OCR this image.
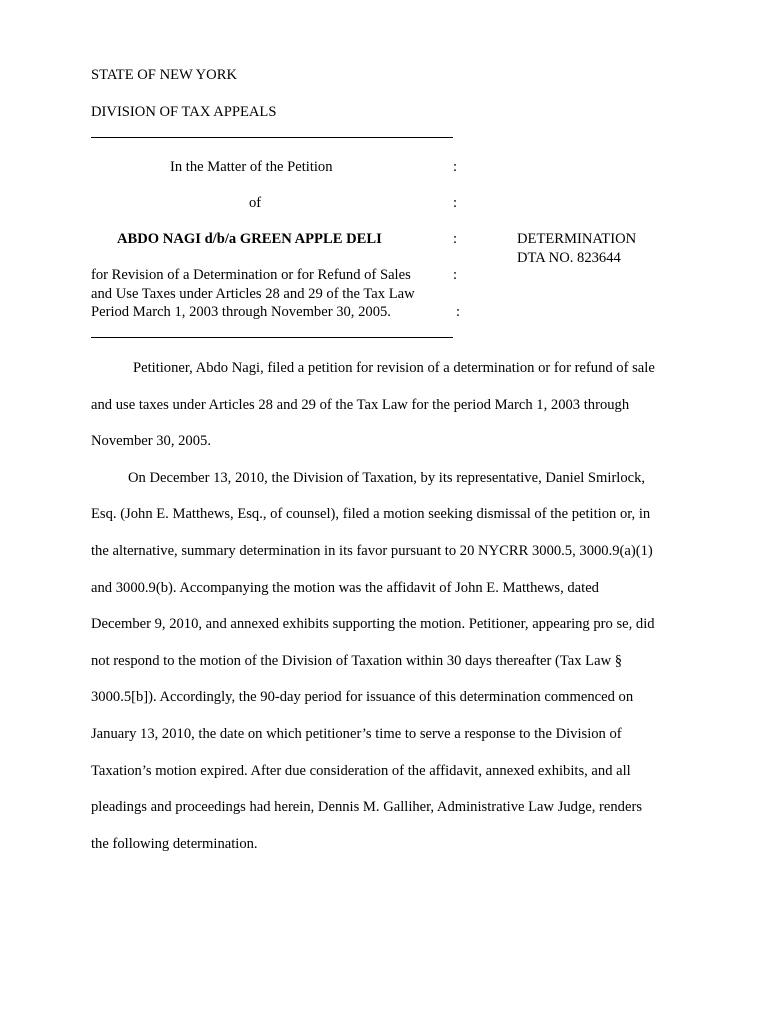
STATE OF NEW YORK
DIVISION OF TAX APPEALS
In the Matter of the Petition	:
of	:
ABDO NAGI d/b/a GREEN APPLE DELI	:	DETERMINATION
DTA NO. 823644
for Revision of a Determination or for Refund of Sales	:
and Use Taxes under Articles 28 and 29 of the Tax Law
Period March 1, 2003 through November 30, 2005.	:
Petitioner, Abdo Nagi, filed a petition for revision of a determination or for refund of sale
and use taxes under Articles 28 and 29 of the Tax Law for the period March 1, 2003 through
November 30, 2005.
On December 13, 2010, the Division of Taxation, by its representative, Daniel Smirlock,
Esq. (John E. Matthews, Esq., of counsel), filed a motion seeking dismissal of the petition or, in
the alternative, summary determination in its favor pursuant to 20 NYCRR 3000.5, 3000.9(a)(1)
and 3000.9(b). Accompanying the motion was the affidavit of John E. Matthews, dated
December 9, 2010, and annexed exhibits supporting the motion. Petitioner, appearing pro se, did
not respond to the motion of the Division of Taxation within 30 days thereafter (Tax Law §
3000.5[b]). Accordingly, the 90-day period for issuance of this determination commenced on
January 13, 2010, the date on which petitioner’s time to serve a response to the Division of
Taxation’s motion expired. After due consideration of the affidavit, annexed exhibits, and all
pleadings and proceedings had herein, Dennis M. Galliher, Administrative Law Judge, renders
the following determination.
